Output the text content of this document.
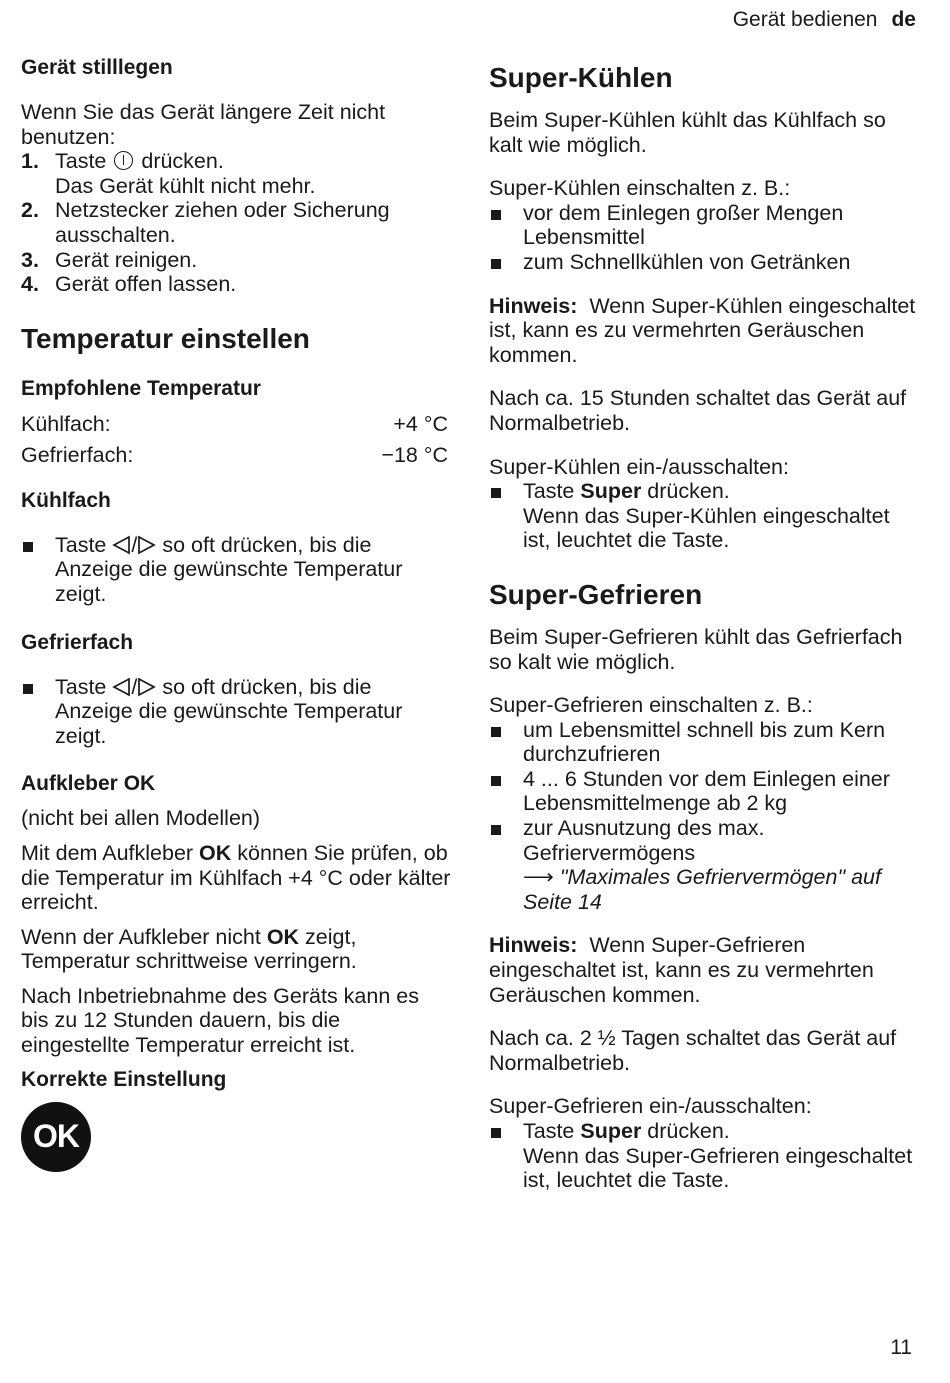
Gerät bedienen de

Gerät stilllegen

Wenn Sie das Gerät längere Zeit nicht benutzen:

1. Taste drücken.
Das Gerät kühlt nicht mehr.
2. Netzstecker ziehen oder Sicherung ausschalten.
3. Gerät reinigen.
4. Gerät offen lassen.

Temperatur einstellen

Empfohlene Temperatur

Kühlfach:	+4 °C
Gefrierfach:	−18 °C

Kühlfach

Taste / so oft drücken, bis die Anzeige die gewünschte Temperatur zeigt.

Gefrierfach

Taste / so oft drücken, bis die Anzeige die gewünschte Temperatur zeigt.

Aufkleber OK

(nicht bei allen Modellen)

Mit dem Aufkleber OK können Sie prüfen, ob die Temperatur im Kühlfach +4 °C oder kälter erreicht.

Wenn der Aufkleber nicht OK zeigt, Temperatur schrittweise verringern.

Nach Inbetriebnahme des Geräts kann es bis zu 12 Stunden dauern, bis die eingestellte Temperatur erreicht ist.

Korrekte Einstellung

OK

Super-Kühlen

Beim Super-Kühlen kühlt das Kühlfach so kalt wie möglich.

Super-Kühlen einschalten z. B.:

vor dem Einlegen großer Mengen Lebensmittel
zum Schnellkühlen von Getränken

Hinweis: Wenn Super-Kühlen eingeschaltet ist, kann es zu vermehrten Geräuschen kommen.

Nach ca. 15 Stunden schaltet das Gerät auf Normalbetrieb.

Super-Kühlen ein-/ausschalten:

Taste Super drücken.
Wenn das Super-Kühlen eingeschaltet ist, leuchtet die Taste.

Super-Gefrieren

Beim Super-Gefrieren kühlt das Gefrierfach so kalt wie möglich.

Super-Gefrieren einschalten z. B.:

um Lebensmittel schnell bis zum Kern durchzufrieren
4 ... 6 Stunden vor dem Einlegen einer Lebensmittelmenge ab 2 kg
zur Ausnutzung des max. Gefriervermögens
⟶ "Maximales Gefriervermögen" auf Seite 14

Hinweis: Wenn Super-Gefrieren eingeschaltet ist, kann es zu vermehrten Geräuschen kommen.

Nach ca. 2 ½ Tagen schaltet das Gerät auf Normalbetrieb.

Super-Gefrieren ein-/ausschalten:

Taste Super drücken.
Wenn das Super-Gefrieren eingeschaltet ist, leuchtet die Taste.
11
